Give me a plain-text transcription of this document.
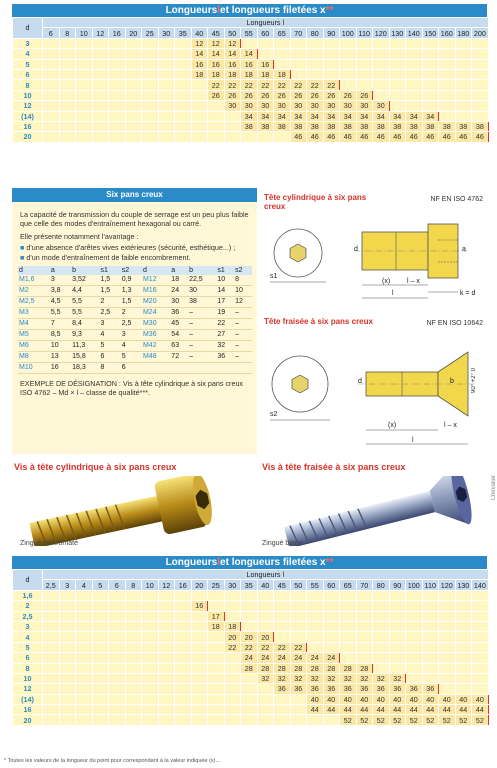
Longueurs l et longueurs filetées x **
d	Longueurs l																										
	6	8	10	12	16	20	25	30	35	40	45	50	55	60	65	70	80	90	100	110	120	130	140	150	160	180	200
3										12	12	12															
4										14	14	14	14														
5										16	16	16	16	16													
6										18	18	18	18	18	18												
8											22	22	22	22	22	22	22	22									
10											26	26	26	26	26	26	26	26	26	26							
12												30	30	30	30	30	30	30	30	30	30						
(14)													34	34	34	34	34	34	34	34	34	34	34	34			
16													38	38	38	38	38	38	38	38	38	38	38	38	38	38	38
20																46	46	46	46	46	46	46	46	46	46	46	46
Six pans creux

La capacité de transmission du couple de serrage est un peu plus faible que celle des modes d'entraînement hexagonal ou carré.

Elle présente notamment l'avantage :

■ d'une absence d'arêtes vives extérieures (sécurité, esthétique...) ;

■ d'un mode d'entraînement de faible encombrement.

d	a	b	s1	s2	d	a	b	s1	s2
M1,6	3	3,52	1,5	0,9	M12	18	22,5	10	8
M2	3,8	4,4	1,5	1,3	M16	24	30	14	10
M2,5	4,5	5,5	2	1,5	M20	30	38	17	12
M3	5,5	5,5	2,5	2	M24	36	–	19	–
M4	7	8,4	3	2,5	M30	45	–	22	–
M5	8,5	9,3	4	3	M36	54	–	27	–
M6	10	11,3	5	4	M42	63	–	32	–
M8	13	15,8	6	5	M48	72	–	36	–
M10	16	18,3	8	6					

EXEMPLE DE DÉSIGNATION : Vis à tête cylindrique à six pans creux ISO 4762 – Md × l – classe de qualité***.

Tête cylindrique à six pans creux
NF EN ISO 4762
d	a
s1
(x) l – x
l	k = d
Tête fraisée à six pans creux	NF EN ISO 10642
d	b	90° +2° 0
s2
(x)	l – x
l
Vis à tête cylindrique à six pans creux	Vis à tête fraisée à six pans creux
Zingué bichromaté	Zingué blanc
Chevalier
Longueurs l et longueurs filetées x **
d	Longueurs l																										
	2,5	3	4	5	6	8	10	12	16	20	25	30	35	40	45	50	55	60	65	70	80	90	100	110	120	130	140
1,6																											
2										16																	
2,5											17																
3											18	18															
4												20	20	20													
5												22	22	22	22	22											
6													24	24	24	24	24	24									
8													28	28	28	28	28	28	28	28							
10														32	32	32	32	32	32	32	32	32					
12															36	36	36	36	36	36	36	36	36	36			
(14)																	40	40	40	40	40	40	40	40	40	40	40
16																	44	44	44	44	44	44	44	44	44	44	44
20																			52	52	52	52	52	52	52	52	52
* Toutes les valeurs de la longueur du point pour correspondant à la valeur indiquée (x)...
